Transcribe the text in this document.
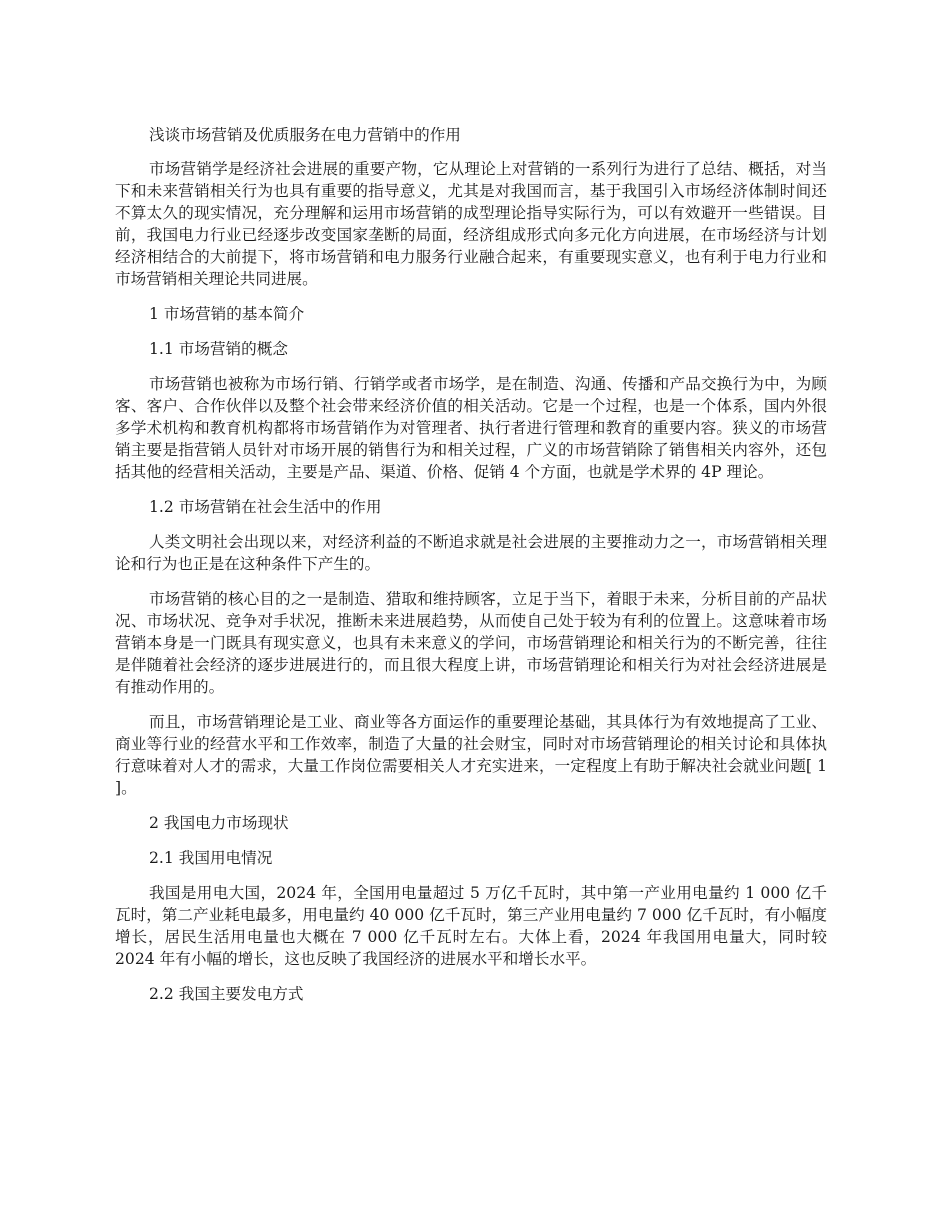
浅谈市场营销及优质服务在电力营销中的作用

市场营销学是经济社会进展的重要产物，它从理论上对营销的一系列行为进行了总结、概括，对当下和未来营销相关行为也具有重要的指导意义，尤其是对我国而言，基于我国引入市场经济体制时间还不算太久的现实情况，充分理解和运用市场营销的成型理论指导实际行为，可以有效避开一些错误。目前，我国电力行业已经逐步改变国家垄断的局面，经济组成形式向多元化方向进展，在市场经济与计划经济相结合的大前提下，将市场营销和电力服务行业融合起来，有重要现实意义，也有利于电力行业和市场营销相关理论共同进展。

1 市场营销的基本简介

1.1 市场营销的概念

市场营销也被称为市场行销、行销学或者市场学，是在制造、沟通、传播和产品交换行为中，为顾客、客户、合作伙伴以及整个社会带来经济价值的相关活动。它是一个过程，也是一个体系，国内外很多学术机构和教育机构都将市场营销作为对管理者、执行者进行管理和教育的重要内容。狭义的市场营销主要是指营销人员针对市场开展的销售行为和相关过程，广义的市场营销除了销售相关内容外，还包括其他的经营相关活动，主要是产品、渠道、价格、促销 4 个方面，也就是学术界的 4P 理论。

1.2 市场营销在社会生活中的作用

人类文明社会出现以来，对经济利益的不断追求就是社会进展的主要推动力之一，市场营销相关理论和行为也正是在这种条件下产生的。

市场营销的核心目的之一是制造、猎取和维持顾客，立足于当下，着眼于未来，分析目前的产品状况、市场状况、竞争对手状况，推断未来进展趋势，从而使自己处于较为有利的位置上。这意味着市场营销本身是一门既具有现实意义，也具有未来意义的学问，市场营销理论和相关行为的不断完善，往往是伴随着社会经济的逐步进展进行的，而且很大程度上讲，市场营销理论和相关行为对社会经济进展是有推动作用的。

而且，市场营销理论是工业、商业等各方面运作的重要理论基础，其具体行为有效地提高了工业、商业等行业的经营水平和工作效率，制造了大量的社会财宝，同时对市场营销理论的相关讨论和具体执行意味着对人才的需求，大量工作岗位需要相关人才充实进来，一定程度上有助于解决社会就业问题[ 1 ]。

2 我国电力市场现状

2.1 我国用电情况

我国是用电大国，2024 年，全国用电量超过 5 万亿千瓦时，其中第一产业用电量约 1 000 亿千瓦时，第二产业耗电最多，用电量约 40 000 亿千瓦时，第三产业用电量约 7 000 亿千瓦时，有小幅度增长，居民生活用电量也大概在 7 000 亿千瓦时左右。大体上看，2024 年我国用电量大，同时较 2024 年有小幅的增长，这也反映了我国经济的进展水平和增长水平。

2.2 我国主要发电方式
